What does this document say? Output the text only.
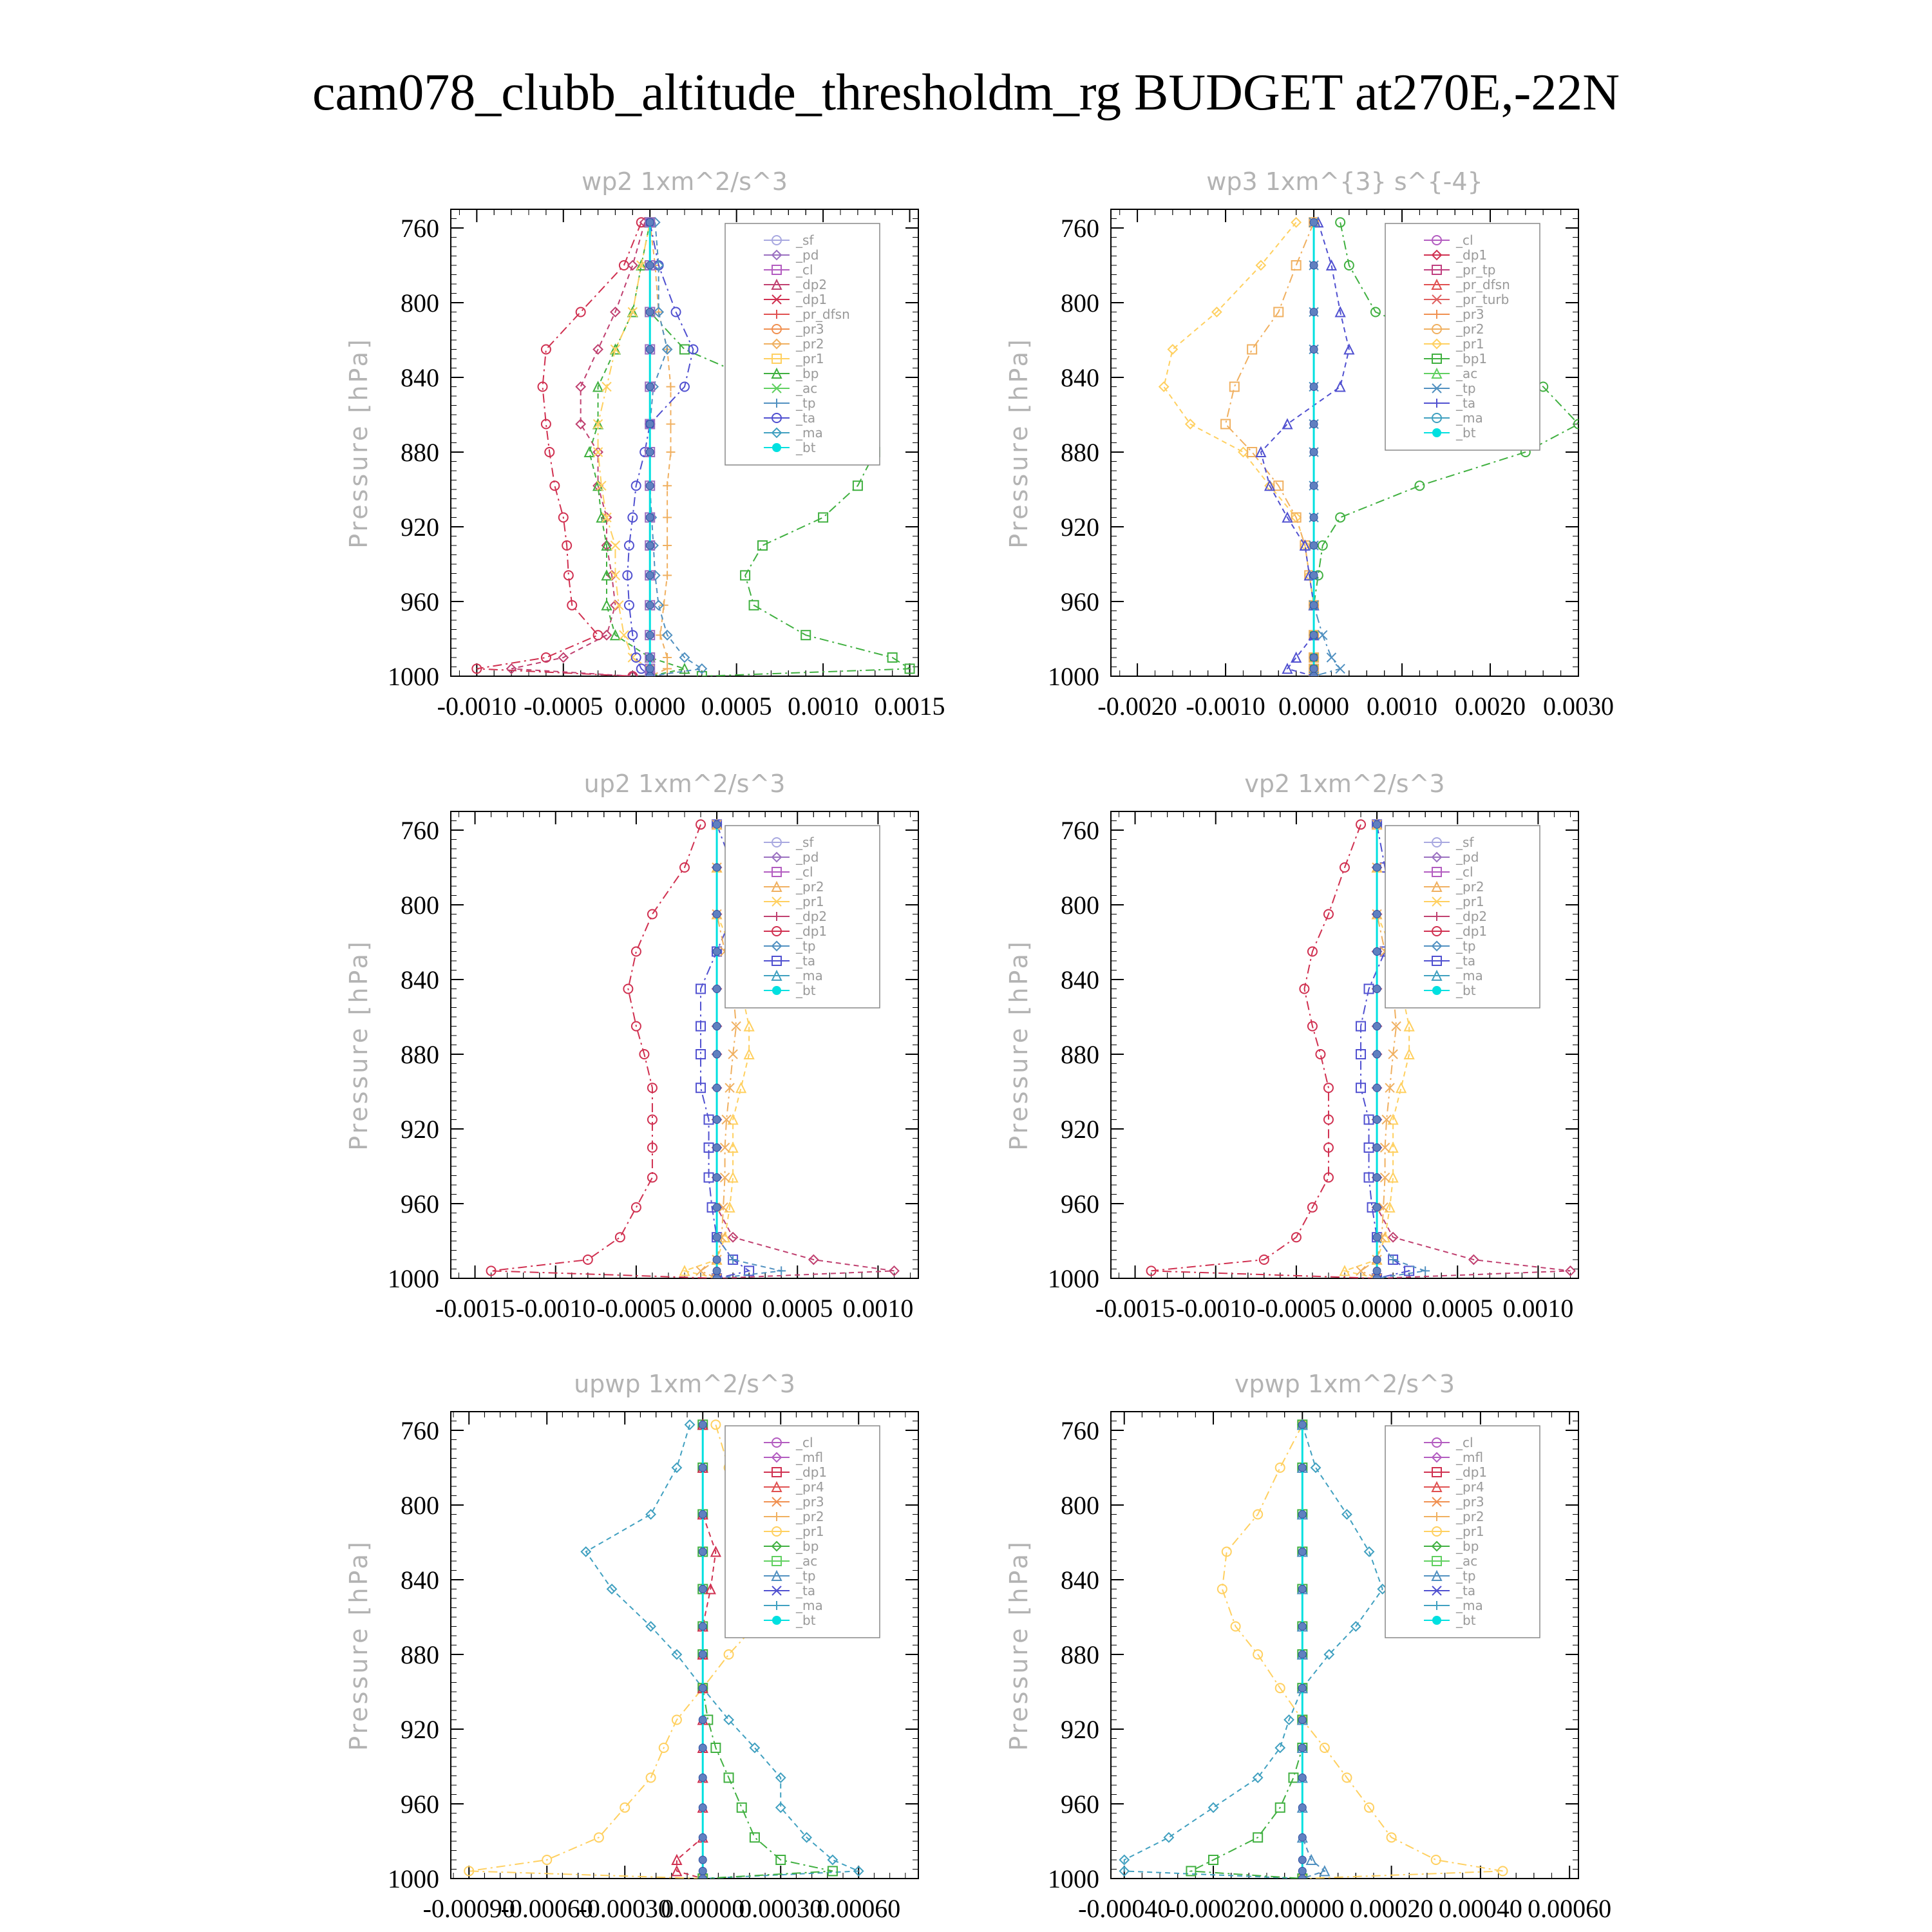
cam078_clubb_altitude_thresholdm_rg BUDGET at270E,-22N
wp2 1xm^2/s^3
Pressure [hPa]
760
800
840
880
920
960
1000
-0.0010 -0.0005 0.0000 0.0005 0.0010 0.0015
_sf
_pd
_cl
_dp2
_dp1
_pr_dfsn
_pr3
_pr2
_pr1
_bp
_ac
_tp
_ta
_ma
_bt
wp3 1xm^{3} s^{-4}
Pressure [hPa]
760
800
840
880
920
960
1000
-0.0020 -0.0010 0.0000 0.0010 0.0020 0.0030
_cl
_dp1
_pr_tp
_pr_dfsn
_pr_turb
_pr3
_pr2
_pr1
_bp1
_ac
_tp
_ta
_ma
_bt
up2 1xm^2/s^3
Pressure [hPa]
760
800
840
880
920
960
1000
-0.0015 -0.0010 -0.0005 0.0000 0.0005 0.0010
_sf
_pd
_cl
_pr2
_pr1
_dp2
_dp1
_tp
_ta
_ma
_bt
vp2 1xm^2/s^3
Pressure [hPa]
760
800
840
880
920
960
1000
-0.0015 -0.0010 -0.0005 0.0000 0.0005 0.0010
_sf
_pd
_cl
_pr2
_pr1
_dp2
_dp1
_tp
_ta
_ma
_bt
upwp 1xm^2/s^3
Pressure [hPa]
760
800
840
880
920
960
1000
-0.00090
-0.00060
-0.00030
0.00000
0.00030
0.00060
_cl
_mfl
_dp1
_pr4
_pr3
_pr2
_pr1
_bp
_ac
_tp
_ta
_ma
_bt
vpwp 1xm^2/s^3
Pressure [hPa]
760
800
840
880
920
960
1000
-0.00040
-0.00020 0.00000 0.00020 0.00040 0.00060
_cl
_mfl
_dp1
_pr4
_pr3
_pr2
_pr1
_bp
_ac
_tp
_ta
_ma
_bt
